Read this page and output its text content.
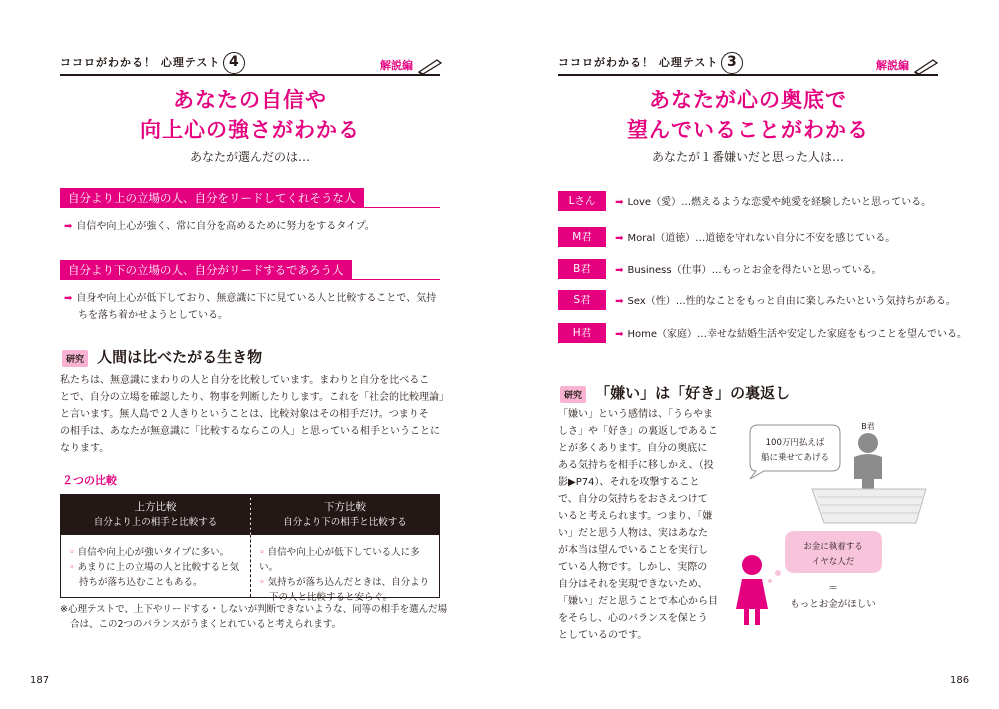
ココロがわかる！ 心理テスト 4	解説編
あなたの自信や
向上心の強さがわかる
あなたが選んだのは…
自分より上の立場の人、自分をリードしてくれそうな人
➡ 自信や向上心が強く、常に自分を高めるために努力をするタイプ。
自分より下の立場の人、自分がリードするであろう人
➡ 自身や向上心が低下しており、無意識に下に見ている人と比較することで、気持
ちを落ち着かせようとしている。
研究 人間は比べたがる生き物
私たちは、無意識にまわりの人と自分を比較しています。まわりと自分を比べるこ
とで、自分の立場を確認したり、物事を判断したりします。これを「社会的比較理論」
と言います。無人島で２人きりということは、比較対象はその相手だけ。つまりそ
の相手は、あなたが無意識に「比較するならこの人」と思っている相手ということに
なります。
２つの比較
上方比較
自分より上の相手と比較する
下方比較
自分より下の相手と比較する
◦ 自信や向上心が強いタイプに多い。
◦ あまりに上の立場の人と比較すると気
持ちが落ち込むこともある。
◦ 自信や向上心が低下している人に多い。
◦ 気持ちが落ち込んだときは、自分より
下の人と比較すると安らぐ。
※心理テストで、上下やリードする・しないが判断できないような、同等の相手を選んだ場
合は、この2つのバランスがうまくとれていると考えられます。
187
ココロがわかる！ 心理テスト 3	解説編
あなたが心の奥底で
望んでいることがわかる
あなたが１番嫌いだと思った人は…
Lさん ➡ Love（愛）…燃えるような恋愛や純愛を経験したいと思っている。
M君 ➡ Moral（道徳）…道徳を守れない自分に不安を感じている。
B君 ➡ Business（仕事）…もっとお金を得たいと思っている。
S君 ➡ Sex（性）…性的なことをもっと自由に楽しみたいという気持ちがある。
H君 ➡ Home（家庭）…幸せな結婚生活や安定した家庭をもつことを望んでいる。
研究 「嫌い」は「好き」の裏返し
「嫌い」という感情は、「うらやま
しさ」や「好き」の裏返しであるこ
とが多くあります。自分の奥底に
ある気持ちを相手に移しかえ、（投
影▶P74）、それを攻撃すること
で、自分の気持ちをおさえつけて
いると考えられます。つまり、「嫌
い」だと思う人物は、実はあなた
が本当は望んでいることを実行し
ている人物です。しかし、実際の
自分はそれを実現できないため、
「嫌い」だと思うことで本心から目
をそらし、心のバランスを保とう
としているのです。
100万円払えば
船に乗せてあげる
B君
お金に執着する
イヤな人だ
＝
もっとお金がほしい
186
